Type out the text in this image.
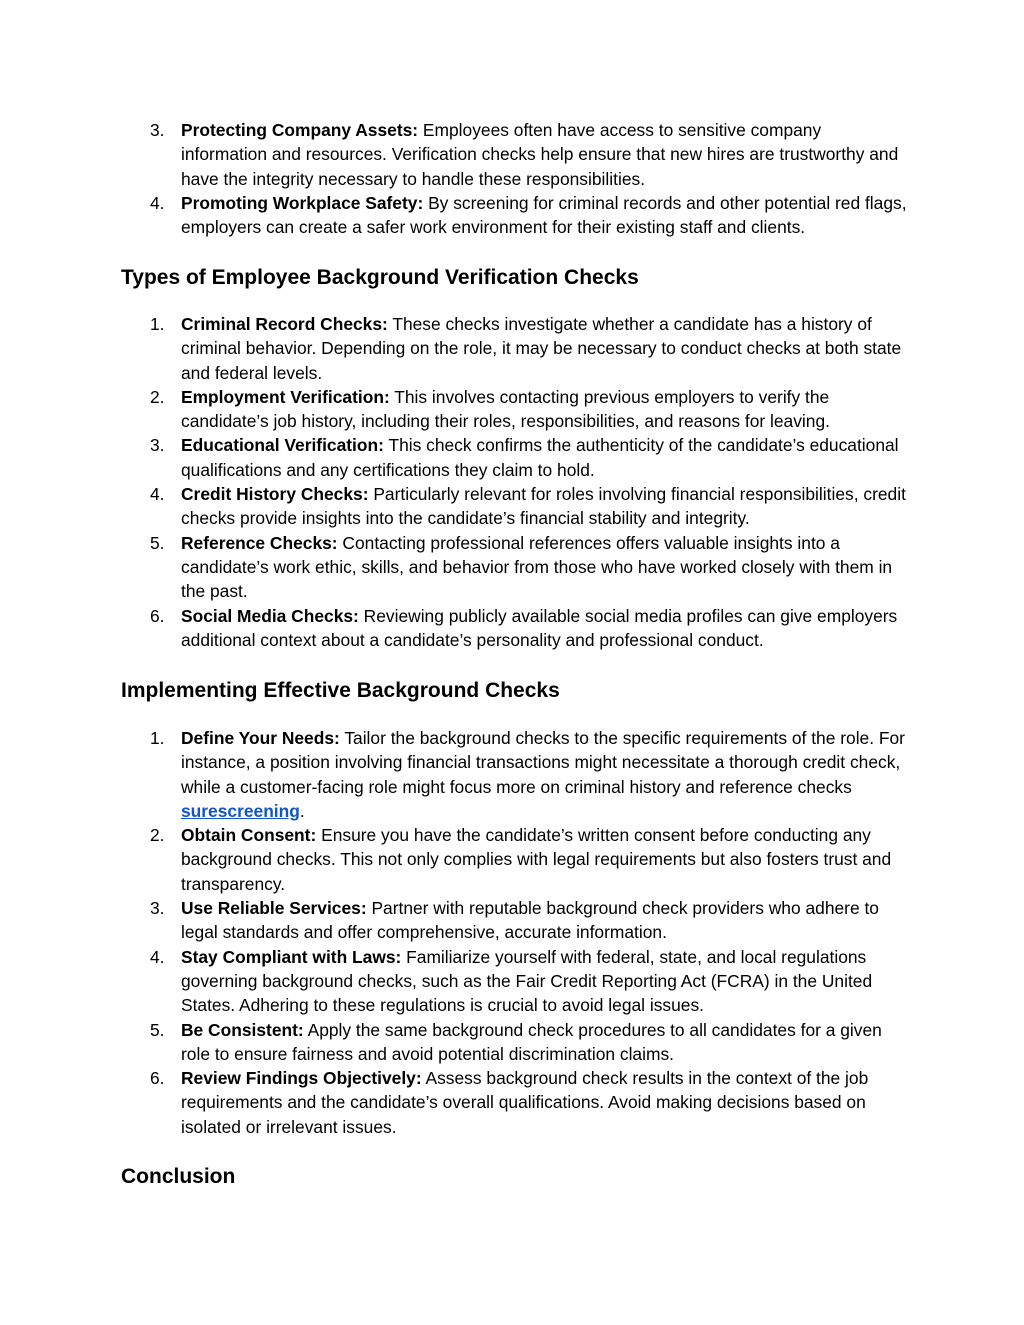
3. Protecting Company Assets: Employees often have access to sensitive company information and resources. Verification checks help ensure that new hires are trustworthy and have the integrity necessary to handle these responsibilities.
4. Promoting Workplace Safety: By screening for criminal records and other potential red flags, employers can create a safer work environment for their existing staff and clients.
Types of Employee Background Verification Checks
1. Criminal Record Checks: These checks investigate whether a candidate has a history of criminal behavior. Depending on the role, it may be necessary to conduct checks at both state and federal levels.
2. Employment Verification: This involves contacting previous employers to verify the candidate’s job history, including their roles, responsibilities, and reasons for leaving.
3. Educational Verification: This check confirms the authenticity of the candidate’s educational qualifications and any certifications they claim to hold.
4. Credit History Checks: Particularly relevant for roles involving financial responsibilities, credit checks provide insights into the candidate’s financial stability and integrity.
5. Reference Checks: Contacting professional references offers valuable insights into a candidate’s work ethic, skills, and behavior from those who have worked closely with them in the past.
6. Social Media Checks: Reviewing publicly available social media profiles can give employers additional context about a candidate’s personality and professional conduct.
Implementing Effective Background Checks
1. Define Your Needs: Tailor the background checks to the specific requirements of the role. For instance, a position involving financial transactions might necessitate a thorough credit check, while a customer-facing role might focus more on criminal history and reference checks surescreening.
2. Obtain Consent: Ensure you have the candidate’s written consent before conducting any background checks. This not only complies with legal requirements but also fosters trust and transparency.
3. Use Reliable Services: Partner with reputable background check providers who adhere to legal standards and offer comprehensive, accurate information.
4. Stay Compliant with Laws: Familiarize yourself with federal, state, and local regulations governing background checks, such as the Fair Credit Reporting Act (FCRA) in the United States. Adhering to these regulations is crucial to avoid legal issues.
5. Be Consistent: Apply the same background check procedures to all candidates for a given role to ensure fairness and avoid potential discrimination claims.
6. Review Findings Objectively: Assess background check results in the context of the job requirements and the candidate’s overall qualifications. Avoid making decisions based on isolated or irrelevant issues.
Conclusion
